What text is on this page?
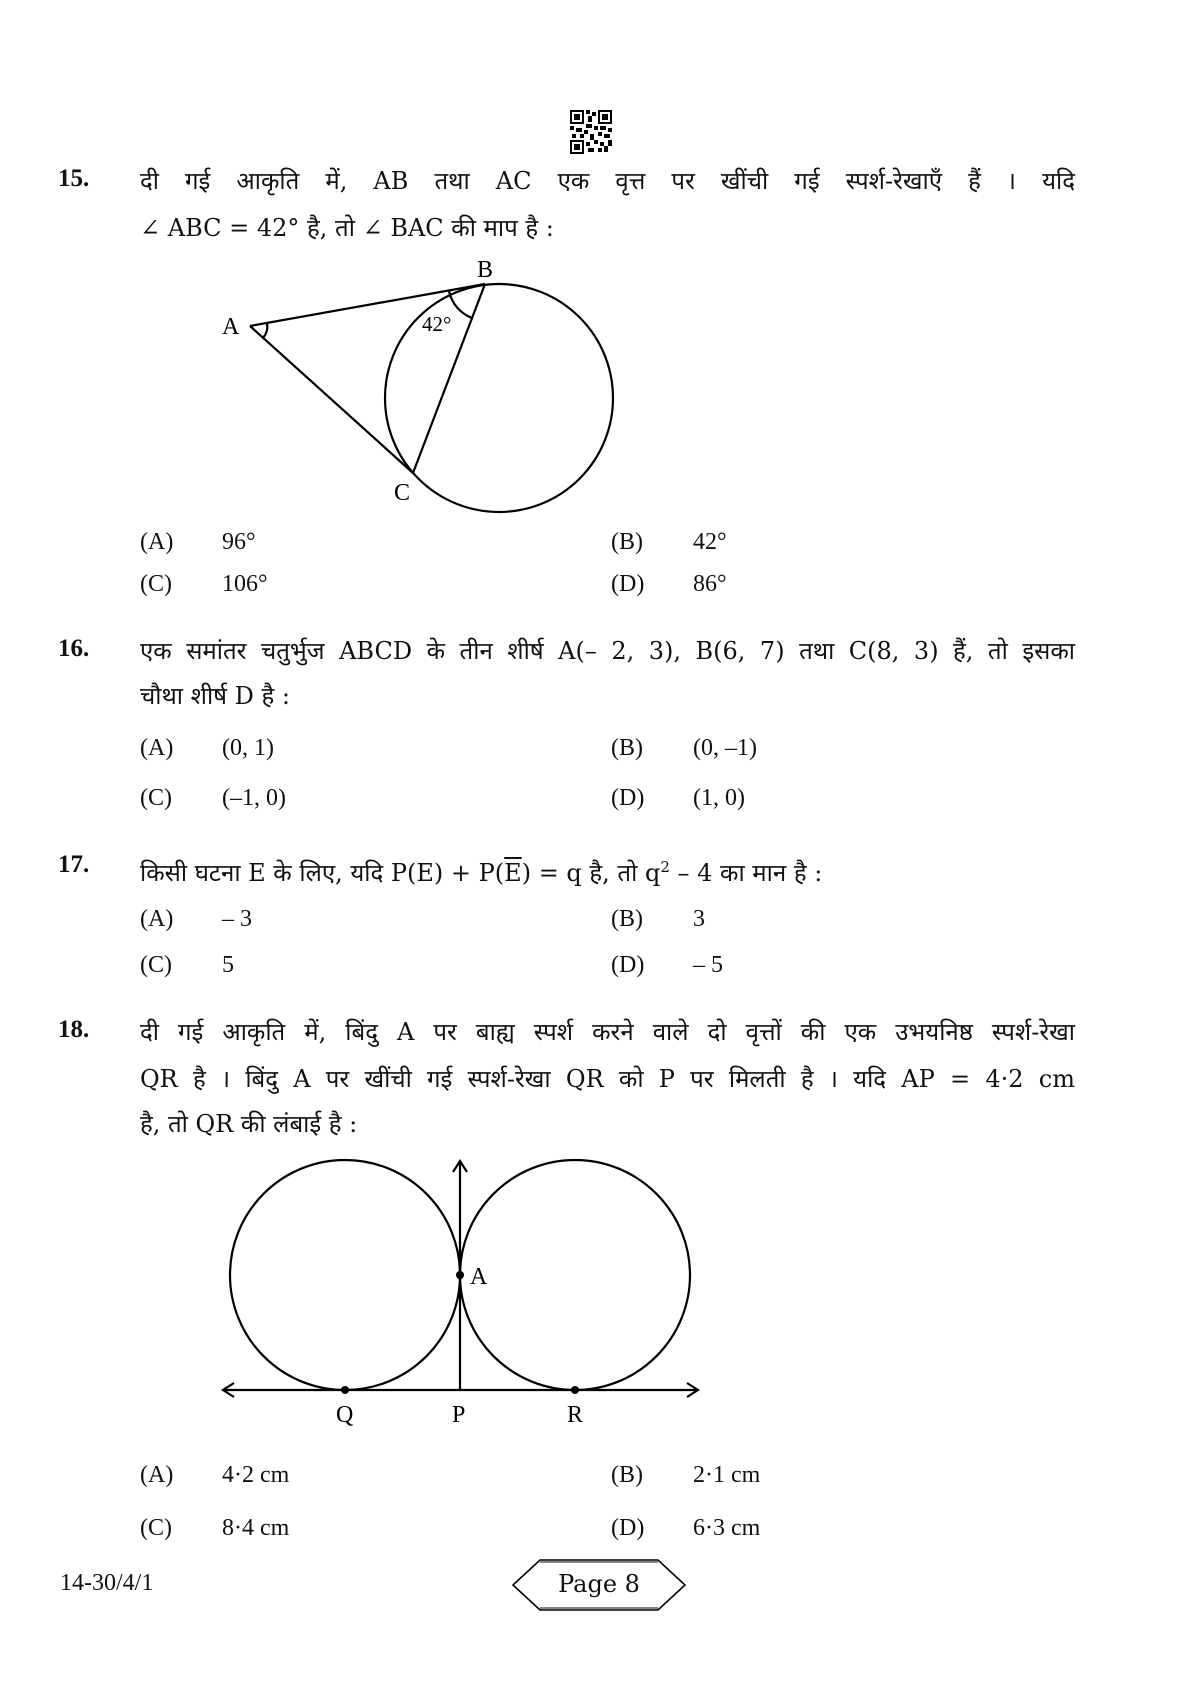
15. दी गई आकृति में, AB तथा AC एक वृत्त पर खींची गई स्पर्श-रेखाएँ हैं । यदि
∠ ABC = 42° है, तो ∠ BAC की माप है :
A
B
C
42°
(A) 96°	(B) 42°
(C) 106°	(D) 86°
16. एक समांतर चतुर्भुज ABCD के तीन शीर्ष A(– 2, 3), B(6, 7) तथा C(8, 3) हैं, तो इसका
चौथा शीर्ष D है :
(A) (0, 1)	(B) (0, –1)
(C) (–1, 0)	(D) (1, 0)
17. किसी घटना E के लिए, यदि $P(E) + P(\overline{E}) = q$ है, तो $q^2 - 4$ का मान है :
(A) – 3	(B) 3
(C) 5	(D) – 5
18. दी गई आकृति में, बिंदु A पर बाह्य स्पर्श करने वाले दो वृत्तों की एक उभयनिष्ठ स्पर्श-रेखा
QR है । बिंदु A पर खींची गई स्पर्श-रेखा QR को P पर मिलती है । यदि AP = 4·2 cm
है, तो QR की लंबाई है :
A
Q	P	R
(A) 4·2 cm	(B) 2·1 cm
(C) 8·4 cm	(D) 6·3 cm
14-30/4/1	Page 8
